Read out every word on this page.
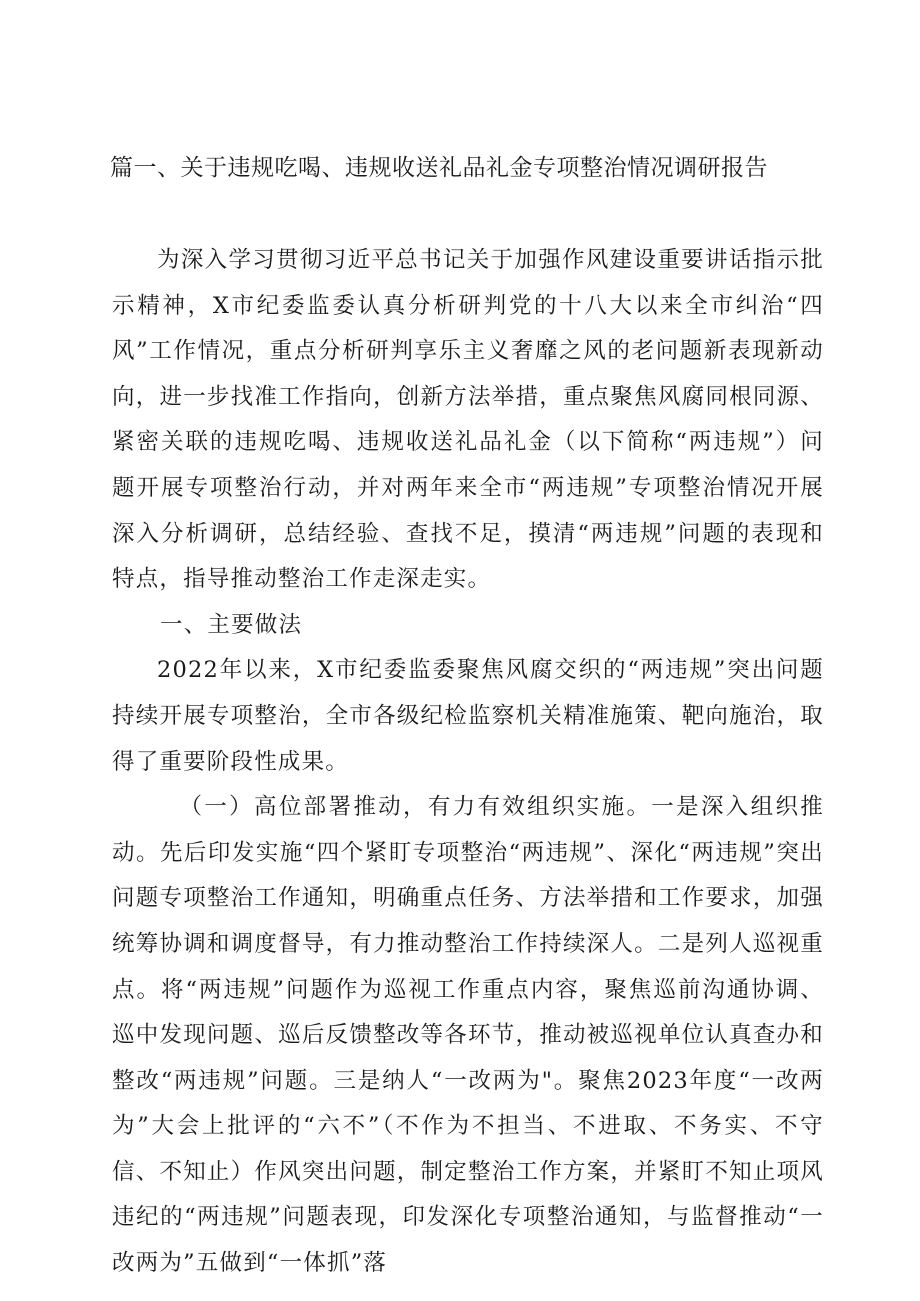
篇一、关于违规吃喝、违规收送礼品礼金专项整治情况调研报告

为深入学习贯彻习近平总书记关于加强作风建设重要讲话指示批示精神，X市纪委监委认真分析研判党的十八大以来全市纠治“四风”工作情况，重点分析研判享乐主义奢靡之风的老问题新表现新动向，进一步找准工作指向，创新方法举措，重点聚焦风腐同根同源、紧密关联的违规吃喝、违规收送礼品礼金（以下简称“两违规”）问题开展专项整治行动，并对两年来全市“两违规”专项整治情况开展深入分析调研，总结经验、查找不足，摸清“两违规”问题的表现和特点，指导推动整治工作走深走实。

一、主要做法

2022年以来，X市纪委监委聚焦风腐交织的“两违规”突出问题持续开展专项整治，全市各级纪检监察机关精准施策、靶向施治，取得了重要阶段性成果。

（一）高位部署推动，有力有效组织实施。一是深入组织推动。先后印发实施“四个紧盯专项整治“两违规”、深化“两违规”突出问题专项整治工作通知，明确重点任务、方法举措和工作要求，加强统筹协调和调度督导，有力推动整治工作持续深人。二是列人巡视重点。将“两违规”问题作为巡视工作重点内容，聚焦巡前沟通协调、巡中发现问题、巡后反馈整改等各环节，推动被巡视单位认真查办和整改“两违规”问题。三是纳人“一改两为"。聚焦2023年度“一改两为”大会上批评的“六不”（不作为不担当、不进取、不务实、不守信、不知止）作风突出问题，制定整治工作方案，并紧盯不知止项风违纪的“两违规”问题表现，印发深化专项整治通知，与监督推动“一改两为”五做到“一体抓”落
